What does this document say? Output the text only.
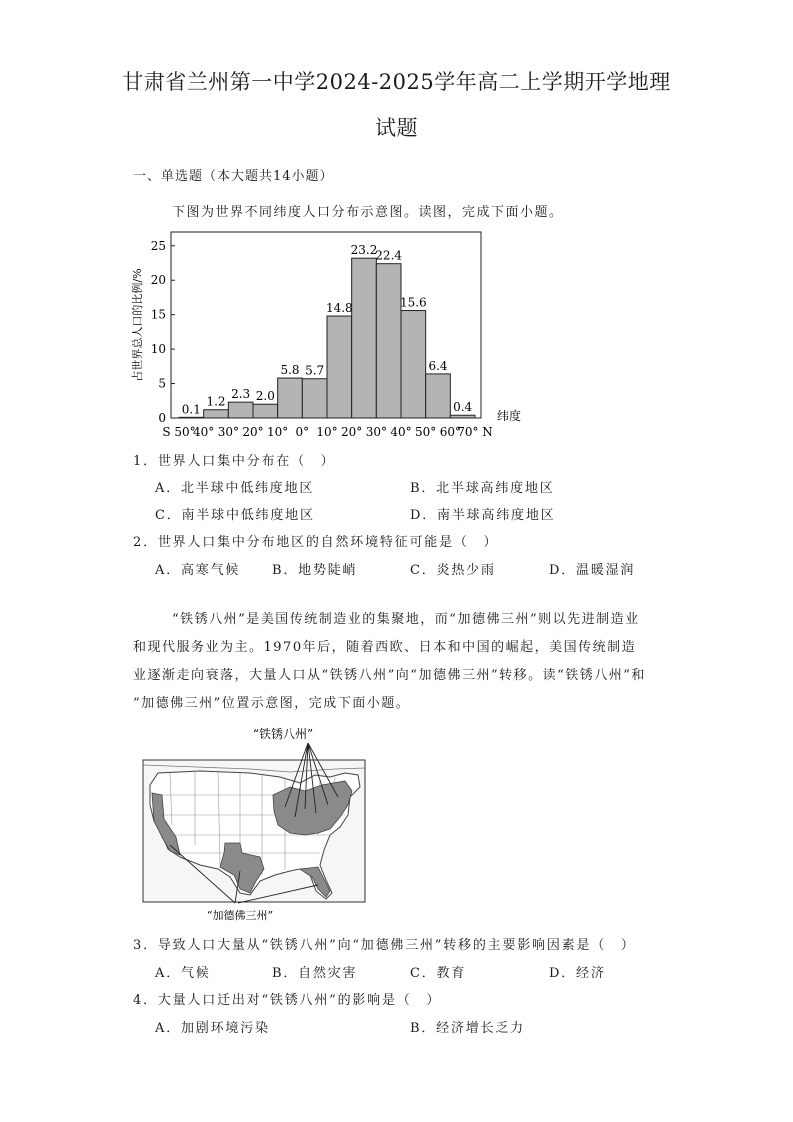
甘肃省兰州第一中学2024-2025学年高二上学期开学地理
试题
一、单选题（本大题共14小题）
下图为世界不同纬度人口分布示意图。读图，完成下面小题。
0
5
10
15
20
25
0.1
1.2
2.3 2.0
5.8 5.7
14.8
23.2
22.4
15.6
6.4
0.4
S 50°
40° 30° 20° 10° 0° 10° 20° 30° 40° 50° 60°
70° N
占世界总人口的比例/%
纬度
1．世界人口集中分布在（　）
A．北半球中低纬度地区	B．北半球高纬度地区
C．南半球中低纬度地区	D．南半球高纬度地区
2．世界人口集中分布地区的自然环境特征可能是（　）
A．高寒气候 B．地势陡峭	C．炎热少雨	D．温暖湿润
“铁锈八州”是美国传统制造业的集聚地，而“加德佛三州”则以先进制造业
和现代服务业为主。1970年后，随着西欧、日本和中国的崛起，美国传统制造
业逐渐走向衰落，大量人口从“铁锈八州”向“加德佛三州”转移。读“铁锈八州”和
“加德佛三州”位置示意图，完成下面小题。
“铁锈八州”
“加德佛三州”
3．导致人口大量从“铁锈八州”向“加德佛三州”转移的主要影响因素是（　）
A．气候	B．自然灾害	C．教育	D．经济
4．大量人口迁出对“铁锈八州”的影响是（　）
A．加剧环境污染	B．经济增长乏力
